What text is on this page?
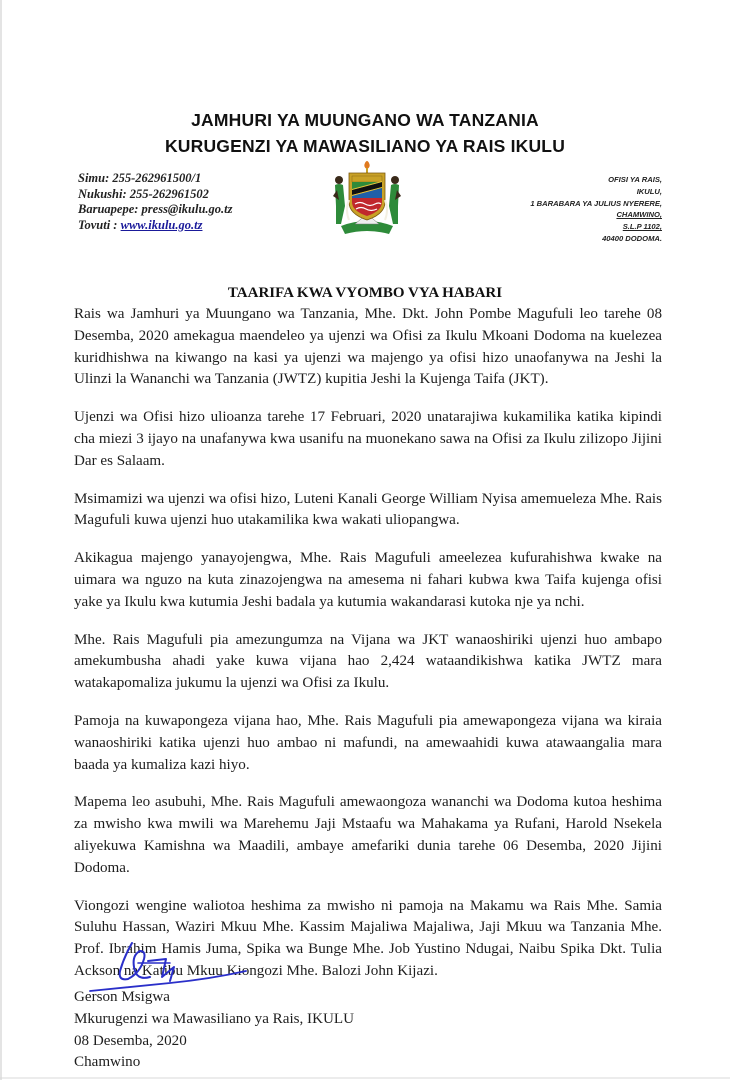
JAMHURI YA MUUNGANO WA TANZANIA
KURUGENZI YA MAWASILIANO YA RAIS IKULU
Simu: 255-262961500/1
Nukushi: 255-262961502
Baruapepe: press@ikulu.go.tz
Tovuti : www.ikulu.go.tz
OFISI YA RAIS,
IKULU,
1 BARABARA YA JULIUS NYERERE,
CHAMWINO,
S.L.P 1102,
40400 DODOMA.
TAARIFA KWA VYOMBO VYA HABARI

Rais wa Jamhuri ya Muungano wa Tanzania, Mhe. Dkt. John Pombe Magufuli leo tarehe 08 Desemba, 2020 amekagua maendeleo ya ujenzi wa Ofisi za Ikulu Mkoani Dodoma na kuelezea kuridhishwa na kiwango na kasi ya ujenzi wa majengo ya ofisi hizo unaofanywa na Jeshi la Ulinzi la Wananchi wa Tanzania (JWTZ) kupitia Jeshi la Kujenga Taifa (JKT).

Ujenzi wa Ofisi hizo ulioanza tarehe 17 Februari, 2020 unatarajiwa kukamilika katika kipindi cha miezi 3 ijayo na unafanywa kwa usanifu na muonekano sawa na Ofisi za Ikulu zilizopo Jijini Dar es Salaam.

Msimamizi wa ujenzi wa ofisi hizo, Luteni Kanali George William Nyisa amemueleza Mhe. Rais Magufuli kuwa ujenzi huo utakamilika kwa wakati uliopangwa.

Akikagua majengo yanayojengwa, Mhe. Rais Magufuli ameelezea kufurahishwa kwake na uimara wa nguzo na kuta zinazojengwa na amesema ni fahari kubwa kwa Taifa kujenga ofisi yake ya Ikulu kwa kutumia Jeshi badala ya kutumia wakandarasi kutoka nje ya nchi.

Mhe. Rais Magufuli pia amezungumza na Vijana wa JKT wanaoshiriki ujenzi huo ambapo amekumbusha ahadi yake kuwa vijana hao 2,424 wataandikishwa katika JWTZ mara watakapomaliza jukumu la ujenzi wa Ofisi za Ikulu.

Pamoja na kuwapongeza vijana hao, Mhe. Rais Magufuli pia amewapongeza vijana wa kiraia wanaoshiriki katika ujenzi huo ambao ni mafundi, na amewaahidi kuwa atawaangalia mara baada ya kumaliza kazi hiyo.

Mapema leo asubuhi, Mhe. Rais Magufuli amewaongoza wananchi wa Dodoma kutoa heshima za mwisho kwa mwili wa Marehemu Jaji Mstaafu wa Mahakama ya Rufani, Harold Nsekela aliyekuwa Kamishna wa Maadili, ambaye amefariki dunia tarehe 06 Desemba, 2020 Jijini Dodoma.

Viongozi wengine waliotoa heshima za mwisho ni pamoja na Makamu wa Rais Mhe. Samia Suluhu Hassan, Waziri Mkuu Mhe. Kassim Majaliwa Majaliwa, Jaji Mkuu wa Tanzania Mhe. Prof. Ibrahim Hamis Juma, Spika wa Bunge Mhe. Job Yustino Ndugai, Naibu Spika Dkt. Tulia Ackson na Katibu Mkuu Kiongozi Mhe. Balozi John Kijazi.

Gerson Msigwa
Mkurugenzi wa Mawasiliano ya Rais, IKULU
08 Desemba, 2020
Chamwino
